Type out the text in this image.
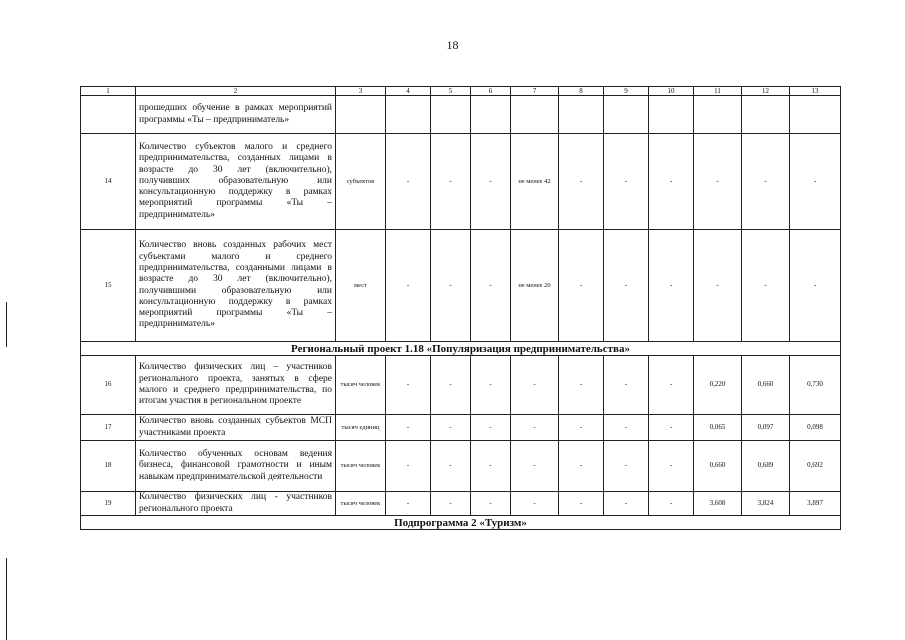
18
1	2	3	4	5	6	7	8	9	10	11	12	13
	прошедших обучение в рамках мероприятий программы «Ты – предприниматель»											
14	Количество субъектов малого и среднего предпринимательства, созданных лицами в возрасте до 30 лет (включительно), получивших образовательную или консультационную поддержку в рамках мероприятий программы «Ты – предприниматель»	субъектов	-	-	-	не менее 42	-	-	-	-	-	-
15	Количество вновь созданных рабочих мест субъектами малого и среднего предпринимательства, созданными лицами в возрасте до 30 лет (включительно), получившими образовательную или консультационную поддержку в рамках мероприятий программы «Ты – предприниматель»	мест	-	-	-	не менее 20	-	-	-	-	-	-
Региональный проект 1.18 «Популяризация предпринимательства»												
16	Количество физических лиц – участников регионального проекта, занятых в сфере малого и среднего предпринимательства, по итогам участия в региональном проекте	тысяч человек	-	-	-	-	-	-	-	0,220	0,660	0,730
17	Количество вновь созданных субъектов МСП участниками проекта	тысяч единиц	-	-	-	-	-	-	-	0,065	0,097	0,098
18	Количество обученных основам ведения бизнеса, финансовой грамотности и иным навыкам предпринимательской деятельности	тысяч человек	-	-	-	-	-	-	-	0,660	0,689	0,692
19	Количество физических лиц - участников регионального проекта	тысяч человек	-	-	-	-	-	-	-	3,608	3,824	3,897
Подпрограмма 2 «Туризм»												
